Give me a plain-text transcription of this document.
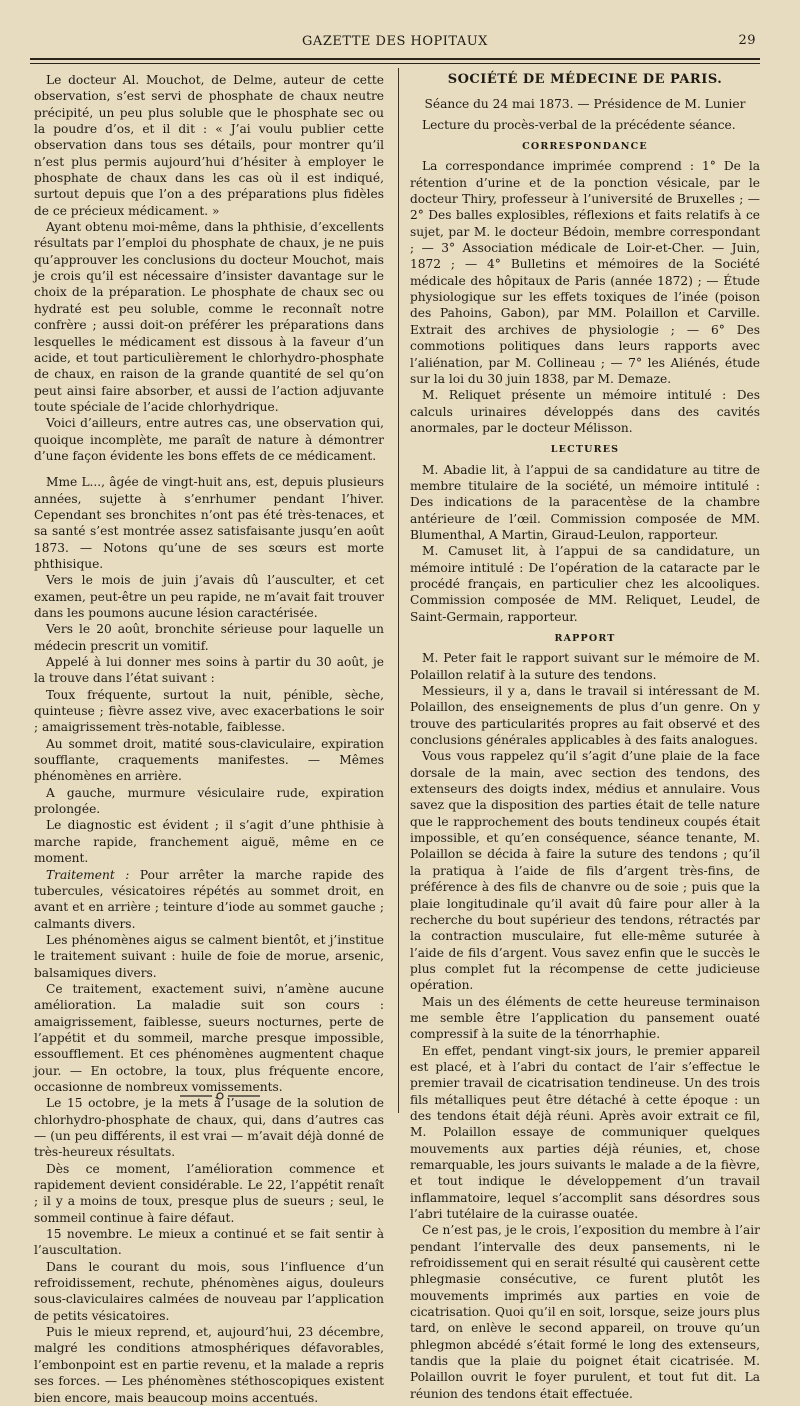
GAZETTE DES HOPITAUX	29

Le docteur Al. Mouchot, de Delme, auteur de cette observation, s’est servi de phosphate de chaux neutre précipité, un peu plus soluble que le phosphate sec ou la poudre d’os, et il dit : « J’ai voulu publier cette observation dans tous ses détails, pour montrer qu’il n’est plus permis aujourd’hui d’hésiter à employer le phosphate de chaux dans les cas où il est indiqué, surtout depuis que l’on a des préparations plus fidèles de ce précieux médicament. »

Ayant obtenu moi-même, dans la phthisie, d’excellents résultats par l’emploi du phosphate de chaux, je ne puis qu’approuver les conclusions du docteur Mouchot, mais je crois qu’il est nécessaire d’insister davantage sur le choix de la préparation. Le phosphate de chaux sec ou hydraté est peu soluble, comme le reconnaît notre confrère ; aussi doit-on préférer les préparations dans lesquelles le médicament est dissous à la faveur d’un acide, et tout particulièrement le chlorhydro-phosphate de chaux, en raison de la grande quantité de sel qu’on peut ainsi faire absorber, et aussi de l’action adjuvante toute spéciale de l’acide chlorhydrique.

Voici d’ailleurs, entre autres cas, une observation qui, quoique incomplète, me paraît de nature à démontrer d’une façon évidente les bons effets de ce médicament.

Mme L..., âgée de vingt-huit ans, est, depuis plusieurs années, sujette à s’enrhumer pendant l’hiver. Cependant ses bronchites n’ont pas été très-tenaces, et sa santé s’est montrée assez satisfaisante jusqu’en août 1873. — Notons qu’une de ses sœurs est morte phthisique.

Vers le mois de juin j’avais dû l’ausculter, et cet examen, peut-être un peu rapide, ne m’avait fait trouver dans les poumons aucune lésion caractérisée.

Vers le 20 août, bronchite sérieuse pour laquelle un médecin prescrit un vomitif.

Appelé à lui donner mes soins à partir du 30 août, je la trouve dans l’état suivant :

Toux fréquente, surtout la nuit, pénible, sèche, quinteuse ; fièvre assez vive, avec exacerbations le soir ; amaigrissement très-notable, faiblesse.

Au sommet droit, matité sous-claviculaire, expiration soufflante, craquements manifestes. — Mêmes phénomènes en arrière.

A gauche, murmure vésiculaire rude, expiration prolongée.

Le diagnostic est évident ; il s’agit d’une phthisie à marche rapide, franchement aiguë, même en ce moment.

Traitement : Pour arrêter la marche rapide des tubercules, vésicatoires répétés au sommet droit, en avant et en arrière ; teinture d’iode au sommet gauche ; calmants divers.

Les phénomènes aigus se calment bientôt, et j’institue le traitement suivant : huile de foie de morue, arsenic, balsamiques divers.

Ce traitement, exactement suivi, n’amène aucune amélioration. La maladie suit son cours : amaigrissement, faiblesse, sueurs nocturnes, perte de l’appétit et du sommeil, marche presque impossible, essoufflement. Et ces phénomènes augmentent chaque jour. — En octobre, la toux, plus fréquente encore, occasionne de nombreux vomissements.

Le 15 octobre, je la mets à l’usage de la solution de chlorhydro-phosphate de chaux, qui, dans d’autres cas — (un peu différents, il est vrai — m’avait déjà donné de très-heureux résultats.

Dès ce moment, l’amélioration commence et rapidement devient considérable. Le 22, l’appétit renaît ; il y a moins de toux, presque plus de sueurs ; seul, le sommeil continue à faire défaut.

15 novembre. Le mieux a continué et se fait sentir à l’auscultation.

Dans le courant du mois, sous l’influence d’un refroidissement, rechute, phénomènes aigus, douleurs sous-claviculaires calmées de nouveau par l’application de petits vésicatoires.

Puis le mieux reprend, et, aujourd’hui, 23 décembre, malgré les conditions atmosphériques défavorables, l’embonpoint est en partie revenu, et la malade a repris ses forces. — Les phénomènes stéthoscopiques existent bien encore, mais beaucoup moins accentués.

SOCIÉTÉ DE MÉDECINE DE PARIS.
Séance du 24 mai 1873. — Présidence de M. Lunier

Lecture du procès-verbal de la précédente séance.

CORRESPONDANCE

La correspondance imprimée comprend : 1° De la rétention d’urine et de la ponction vésicale, par le docteur Thiry, professeur à l’université de Bruxelles ; — 2° Des balles explosibles, réflexions et faits relatifs à ce sujet, par M. le docteur Bédoin, membre correspondant ; — 3° Association médicale de Loir-et-Cher. — Juin, 1872 ; — 4° Bulletins et mémoires de la Société médicale des hôpitaux de Paris (année 1872) ; — Étude physiologique sur les effets toxiques de l’inée (poison des Pahoins, Gabon), par MM. Polaillon et Carville. Extrait des archives de physiologie ; — 6° Des commotions politiques dans leurs rapports avec l’aliénation, par M. Collineau ; — 7° les Aliénés, étude sur la loi du 30 juin 1838, par M. Demaze.

M. Reliquet présente un mémoire intitulé : Des calculs urinaires développés dans des cavités anormales, par le docteur Mélisson.

LECTURES

M. Abadie lit, à l’appui de sa candidature au titre de membre titulaire de la société, un mémoire intitulé : Des indications de la paracentèse de la chambre antérieure de l’œil. Commission composée de MM. Blumenthal, A Martin, Giraud-Leulon, rapporteur.

M. Camuset lit, à l’appui de sa candidature, un mémoire intitulé : De l’opération de la cataracte par le procédé français, en particulier chez les alcooliques. Commission composée de MM. Reliquet, Leudel, de Saint-Germain, rapporteur.

RAPPORT

M. Peter fait le rapport suivant sur le mémoire de M. Polaillon relatif à la suture des tendons.

Messieurs, il y a, dans le travail si intéressant de M. Polaillon, des enseignements de plus d’un genre. On y trouve des particularités propres au fait observé et des conclusions générales applicables à des faits analogues.

Vous vous rappelez qu’il s’agit d’une plaie de la face dorsale de la main, avec section des tendons, des extenseurs des doigts index, médius et annulaire. Vous savez que la disposition des parties était de telle nature que le rapprochement des bouts tendineux coupés était impossible, et qu’en conséquence, séance tenante, M. Polaillon se décida à faire la suture des tendons ; qu’il la pratiqua à l’aide de fils d’argent très-fins, de préférence à des fils de chanvre ou de soie ; puis que la plaie longitudinale qu’il avait dû faire pour aller à la recherche du bout supérieur des tendons, rétractés par la contraction musculaire, fut elle-même suturée à l’aide de fils d’argent. Vous savez enfin que le succès le plus complet fut la récompense de cette judicieuse opération.

Mais un des éléments de cette heureuse terminaison me semble être l’application du pansement ouaté compressif à la suite de la ténorrhaphie.

En effet, pendant vingt-six jours, le premier appareil est placé, et à l’abri du contact de l’air s’effectue le premier travail de cicatrisation tendineuse. Un des trois fils métalliques peut être détaché à cette époque : un des tendons était déjà réuni. Après avoir extrait ce fil, M. Polaillon essaye de communiquer quelques mouvements aux parties déjà réunies, et, chose remarquable, les jours suivants le malade a de la fièvre, et tout indique le développement d’un travail inflammatoire, lequel s’accomplit sans désordres sous l’abri tutélaire de la cuirasse ouatée.

Ce n’est pas, je le crois, l’exposition du membre à l’air pendant l’intervalle des deux pansements, ni le refroidissement qui en serait résulté qui causèrent cette phlegmasie consécutive, ce furent plutôt les mouvements imprimés aux parties en voie de cicatrisation. Quoi qu’il en soit, lorsque, seize jours plus tard, on enlève le second appareil, on trouve qu’un phlegmon abcédé s’était formé le long des extenseurs, tandis que la plaie du poignet était cicatrisée. M. Polaillon ouvrit le foyer purulent, et tout fut dit. La réunion des tendons était effectuée.
